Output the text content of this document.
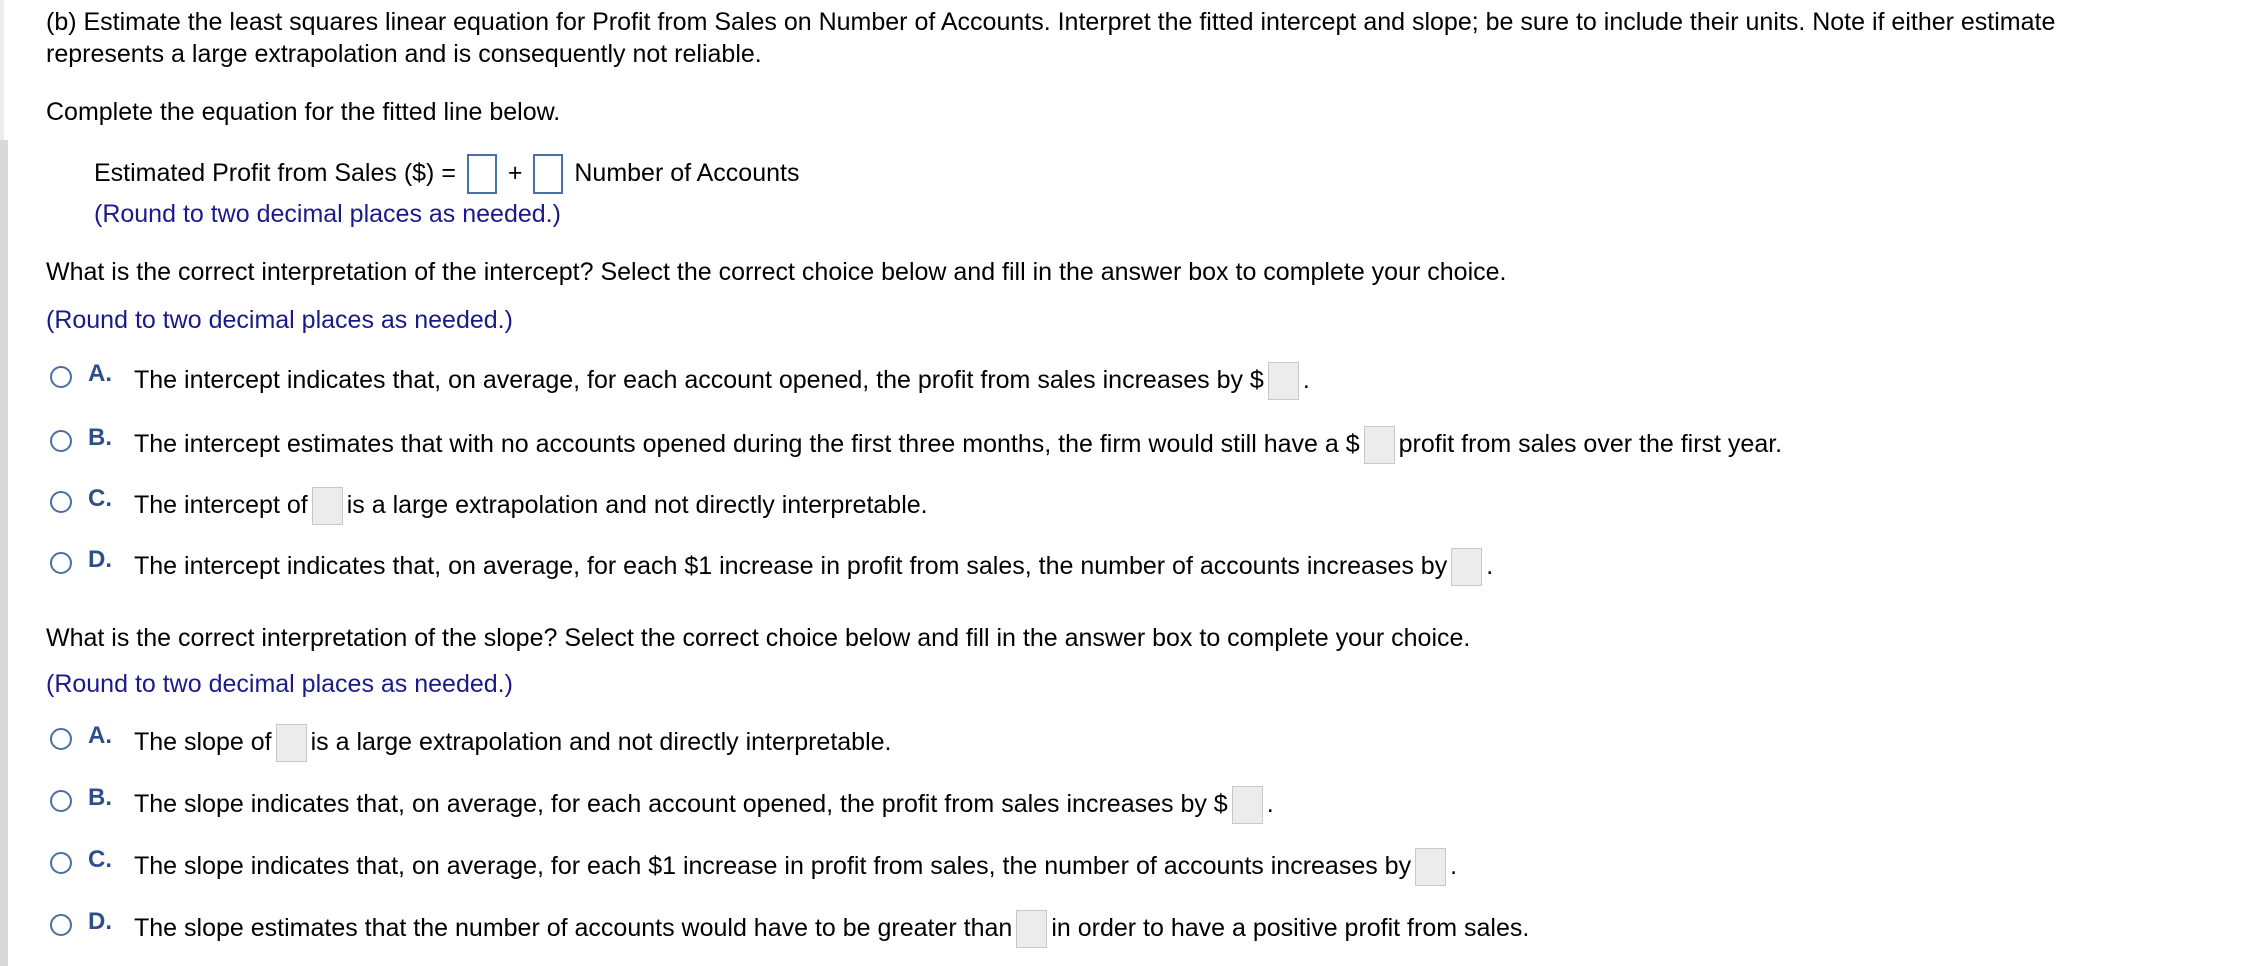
(b) Estimate the least squares linear equation for Profit from Sales on Number of Accounts. Interpret the fitted intercept and slope; be sure to include their units. Note if either estimate

represents a large extrapolation and is consequently not reliable.

Complete the equation for the fitted line below.

Estimated Profit from Sales ($) = + Number of Accounts

(Round to two decimal places as needed.)

What is the correct interpretation of the intercept? Select the correct choice below and fill in the answer box to complete your choice.

(Round to two decimal places as needed.)

A. The intercept indicates that, on average, for each account opened, the profit from sales increases by $ .
B. The intercept estimates that with no accounts opened during the first three months, the firm would still have a $ profit from sales over the first year.
C. The intercept of is a large extrapolation and not directly interpretable.
D. The intercept indicates that, on average, for each $1 increase in profit from sales, the number of accounts increases by .

What is the correct interpretation of the slope? Select the correct choice below and fill in the answer box to complete your choice.

(Round to two decimal places as needed.)

A. The slope of is a large extrapolation and not directly interpretable.
B. The slope indicates that, on average, for each account opened, the profit from sales increases by $ .
C. The slope indicates that, on average, for each $1 increase in profit from sales, the number of accounts increases by .
D. The slope estimates that the number of accounts would have to be greater than in order to have a positive profit from sales.
